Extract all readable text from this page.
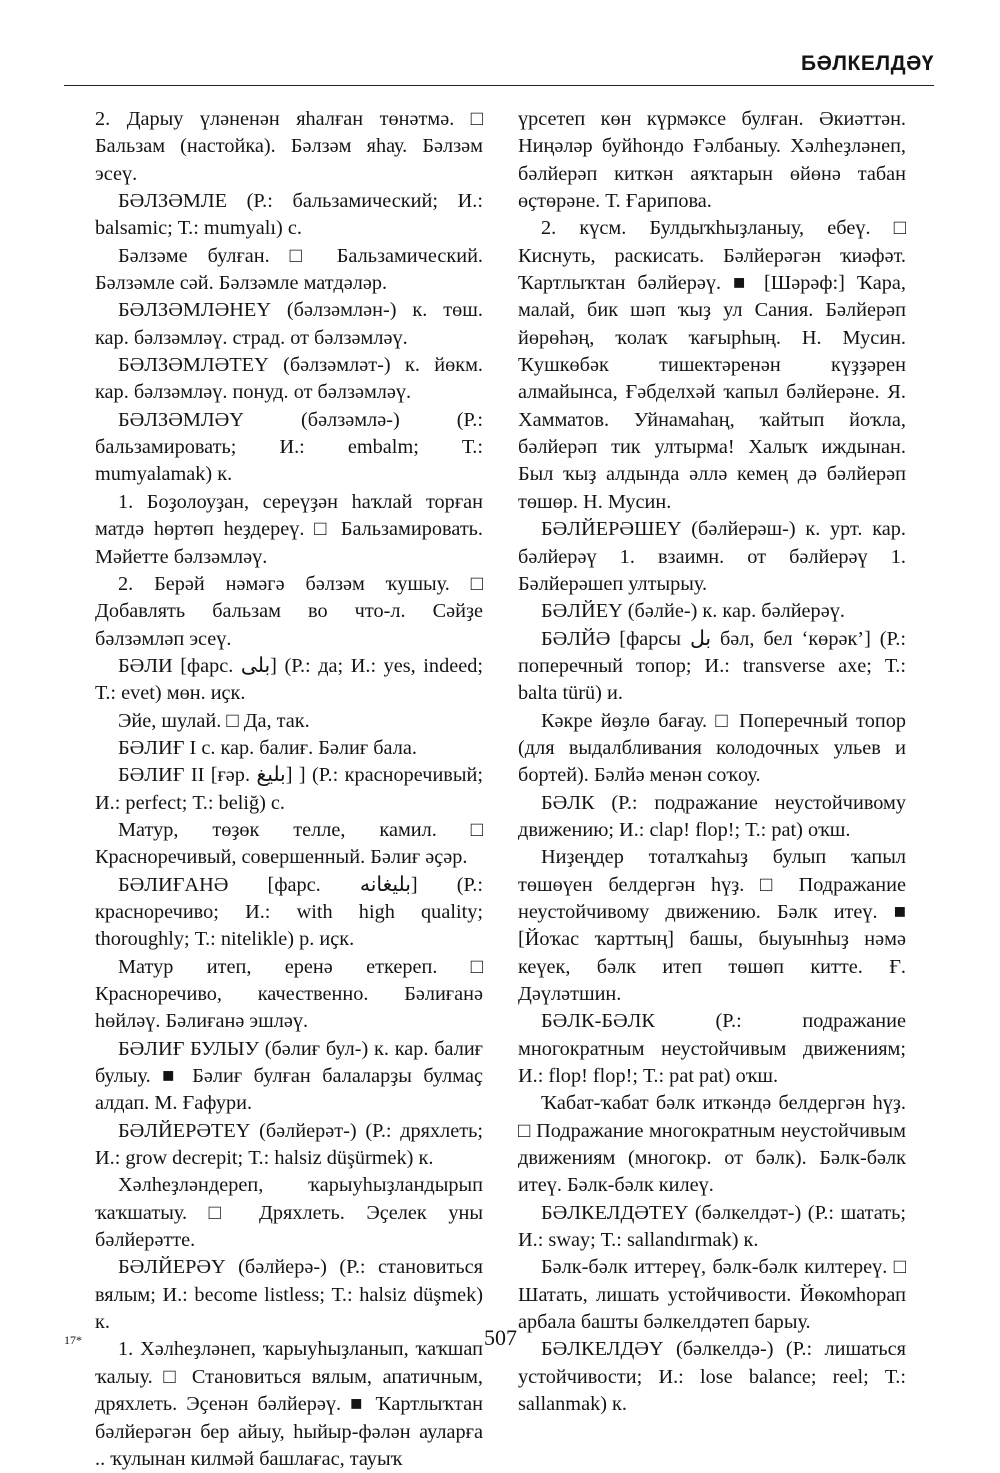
БӘЛКЕЛДӘҮ

2. Дарыу үләненән яһалған төнәтмә. □ Бальзам (настойка). Бәлзәм яһау. Бәлзәм эсеү.

БӘЛЗӘМЛЕ (Р.: бальзамический; И.: balsamic; Т.: mumyalı) с.

Бәлзәме булған. □ Бальзамический. Бәлзәмле сәй. Бәлзәмле матдәләр.

БӘЛЗӘМЛӘНЕҮ (бәлзәмлән-) к. төш. кар. бәлзәмләү. страд. от бәлзәмләү.

БӘЛЗӘМЛӘТЕҮ (бәлзәмләт-) к. йөкм. кар. бәлзәмләү. понуд. от бәлзәмләү.

БӘЛЗӘМЛӘҮ (бәлзәмлә-) (Р.: бальзамировать; И.: embalm; Т.: mumyalamak) к.

1. Боҙолоуҙан, сереүҙән һаҡлай торған матдә һөртөп һеҙдереү. □ Бальзамировать. Мәйетте бәлзәмләү.

2. Берәй нәмәгә бәлзәм ҡушыу. □ Добавлять бальзам во что-л. Сәйҙе бәлзәмләп эсеү.

БӘЛИ [фарс. بلی] (Р.: да; И.: yes, indeed; Т.: evet) мөн. иҫк.

Эйе, шулай. □ Да, так.

БӘЛИҒ I с. кар. балиғ. Бәлиғ бала.

БӘЛИҒ II [ғәр. بليغ] ] (Р.: красноречивый; И.: perfect; Т.: beliğ) с.

Матур, төҙөк телле, камил. □ Красноречивый, совершенный. Бәлиғ әҫәр.

БӘЛИҒАНӘ [фарс. بليغانه] (Р.: красноречиво; И.: with high quality; thoroughly; Т.: nitelikle) р. иҫк.

Матур итеп, еренә еткереп. □ Красноречиво, качественно. Бәлиғанә һөйләү. Бәлиғанә эшләү.

БӘЛИҒ БУЛЫУ (бәлиғ бул-) к. кар. балиғ булыу. ■ Бәлиғ булған балаларҙы булмаҫ алдап. М. Ғафури.

БӘЛЙЕРӘТЕҮ (бәлйерәт-) (Р.: дряхлеть; И.: grow decrepit; Т.: halsiz düşürmek) к.

Хәлһеҙләндереп, ҡарыуһыҙландырып ҡаҡшатыу. □ Дряхлеть. Эҫелек уны бәлйерәтте.

БӘЛЙЕРӘҮ (бәлйерә-) (Р.: становиться вялым; И.: become listless; Т.: halsiz düşmek) к.

1. Хәлһеҙләнеп, ҡарыуһыҙланып, ҡаҡшап ҡалыу. □ Становиться вялым, апатичным, дряхлеть. Эҫенән бәлйерәү. ■ Ҡартлыҡтан бәлйерәгән бер айыу, һыйыр-фәлән ауларға .. ҡулынан килмәй башлағас, тауыҡ

үрсетеп көн күрмәксе булған. Әкиәттән. Ниңәләр буйһондо Ғәлбаныу. Хәлһеҙләнеп, бәлйерәп киткән аяҡтарын өйөнә табан өҫтөрәне. Т. Ғарипова.

2. күсм. Булдыҡһыҙланыу, ебеү. □ Киснуть, раскисать. Бәлйерәгән ҡиәфәт. Ҡартлыҡтан бәлйерәү. ■ [Шәрәф:] Ҡара, малай, бик шәп ҡыҙ ул Сания. Бәлйерәп йөрөһәң, ҡолаҡ ҡағырһың. Н. Мусин. Ҡушкөбәк тишектәренән күҙҙәрен алмайынса, Ғәбделхәй ҡапыл бәлйерәне. Я. Хамматов. Уйнамаһаң, ҡайтып йоҡла, бәлйерәп тик ултырма! Халыҡ иждынан. Был ҡыҙ алдында әллә кемең дә бәлйерәп төшөр. Н. Мусин.

БӘЛЙЕРӘШЕҮ (бәлйерәш-) к. урт. кар. бәлйерәү 1. взаимн. от бәлйерәү 1. Бәлйерәшеп ултырыу.

БӘЛЙЕҮ (бәлйе-) к. кар. бәлйерәү.

БӘЛЙӘ [фарсы بل бәл, бел ‘көрәк’] (Р.: поперечный топор; И.: transverse axe; Т.: balta türü) и.

Кәкре йөҙлө бағау. □ Поперечный топор (для выдалбливания колодочных ульев и бортей). Бәлйә менән соҡоу.

БӘЛК (Р.: подражание неустойчивому движению; И.: clap! flop!; Т.: pat) оҡш.

Ниҙеңдер тоталҡаһыҙ булып ҡапыл төшөүен белдергән һүҙ. □ Подражание неустойчивому движению. Бәлк итеү. ■ [Йоҡас ҡарттың] башы, быуынһыҙ нәмә кеүек, бәлк итеп төшөп китте. Ғ. Дәүләтшин.

БӘЛК-БӘЛК (Р.: подражание многократным неустойчивым движениям; И.: flop! flop!; Т.: pat pat) оҡш.

Ҡабат-ҡабат бәлк иткәндә белдергән һүҙ. □ Подражание многократным неустойчивым движениям (многокр. от бәлк). Бәлк-бәлк итеү. Бәлк-бәлк килеү.

БӘЛКЕЛДӘТЕҮ (бәлкелдәт-) (Р.: шатать; И.: sway; Т.: sallandırmak) к.

Бәлк-бәлк иттереү, бәлк-бәлк килтереү. □ Шатать, лишать устойчивости. Йөкомһорап арбала башты бәлкелдәтеп барыу.

БӘЛКЕЛДӘҮ (бәлкелдә-) (Р.: лишаться устойчивости; И.: lose balance; reel; Т.: sallanmak) к.

17*	507
